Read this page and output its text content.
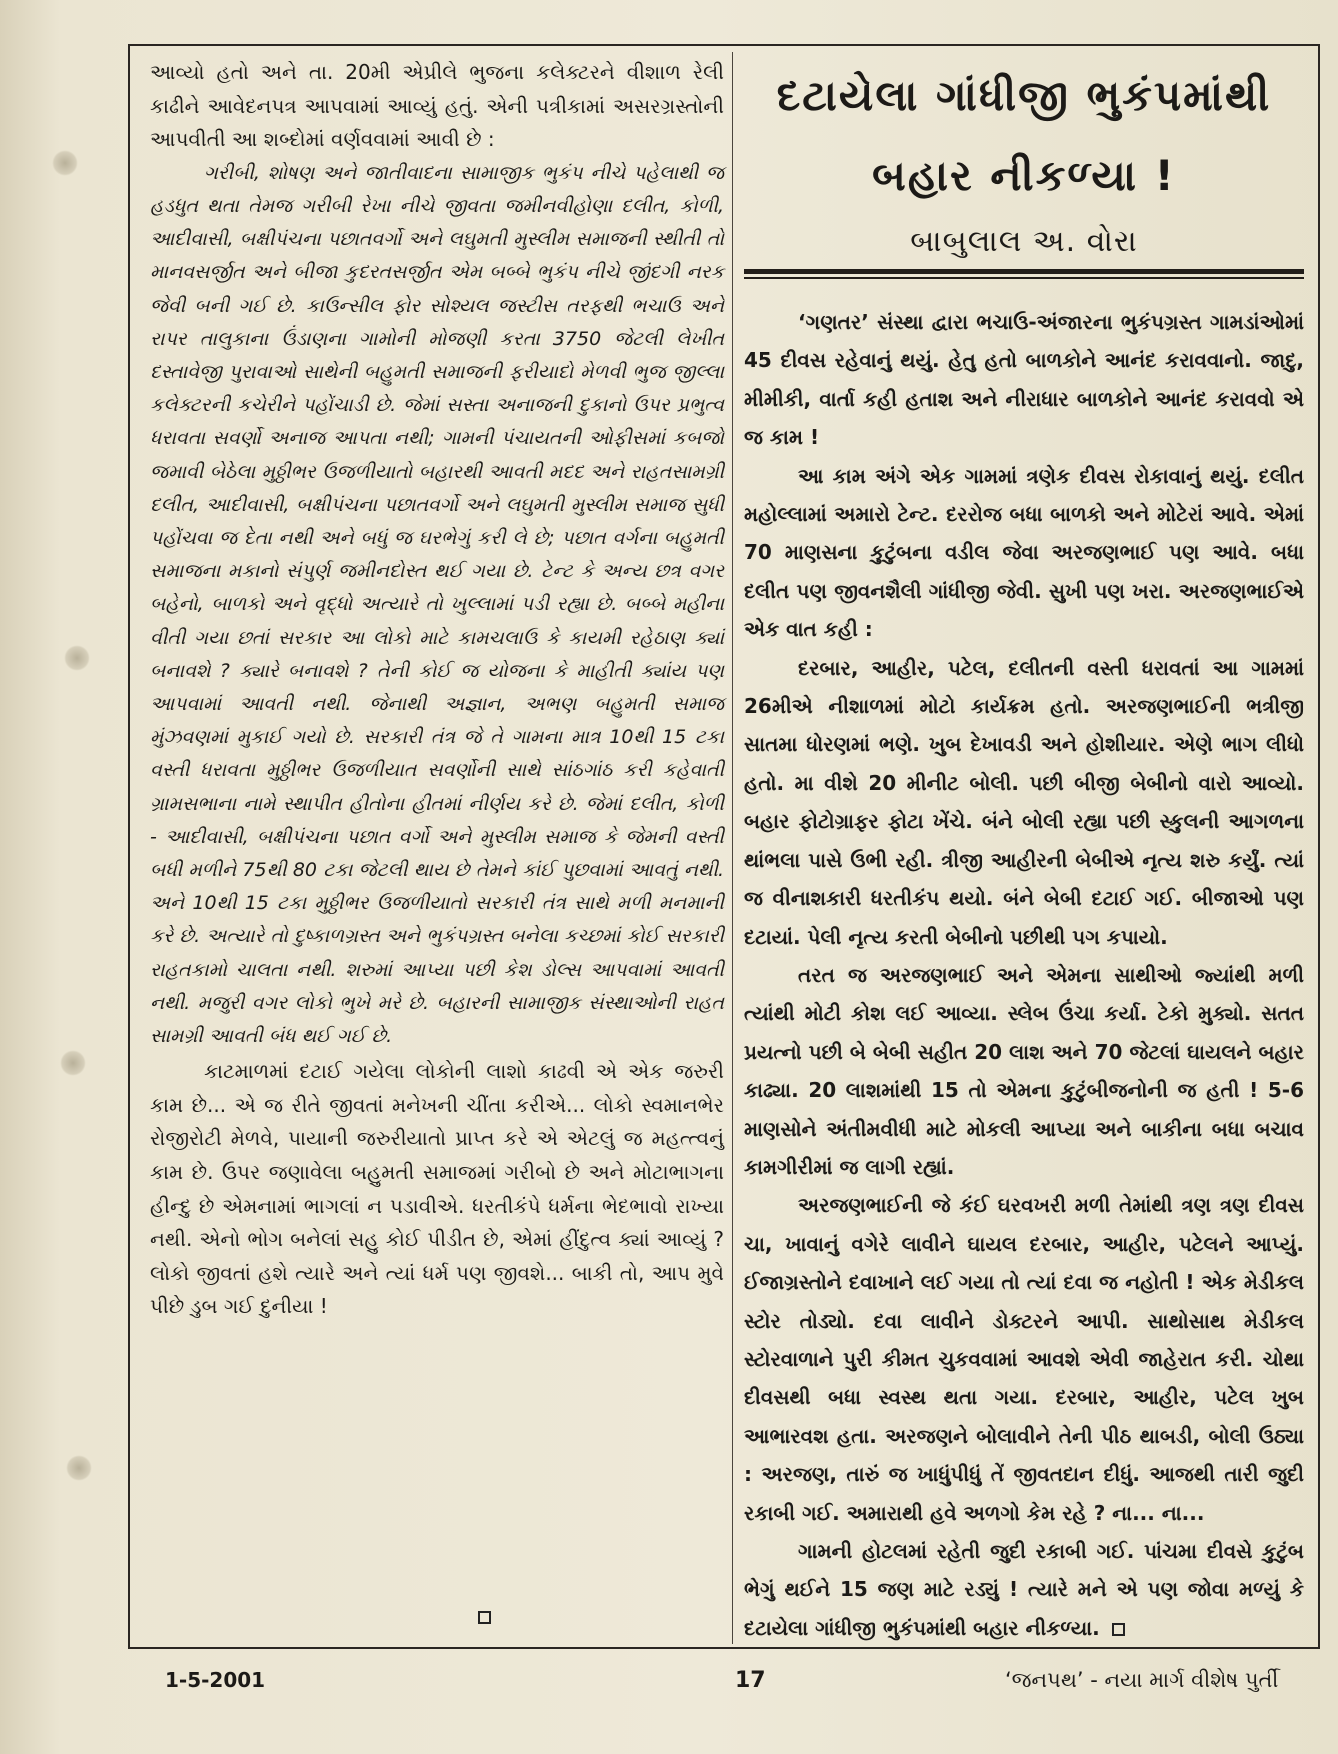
આવ્યો હતો અને તા. 20મી એપ્રીલે ભુજના કલેક્ટરને વીશાળ રેલી કાઢીને આવેદનપત્ર આપવામાં આવ્યું હતું. એની પત્રીકામાં અસરગ્રસ્તોની આપવીતી આ શબ્દોમાં વર્ણવવામાં આવી છે :

ગરીબી, શોષણ અને જાતીવાદના સામાજીક ભુકંપ નીચે પહેલાથી જ હડધુત થતા તેમજ ગરીબી રેખા નીચે જીવતા જમીનવીહોણા દલીત, કોળી, આદીવાસી, બક્ષીપંચના પછાતવર્ગો અને લઘુમતી મુસ્લીમ સમાજની સ્થીતી તો માનવસર્જીત અને બીજા કુદરતસર્જીત એમ બબ્બે ભુકંપ નીચે જીંદગી નરક જેવી બની ગઈ છે. કાઉન્સીલ ફોર સોશ્યલ જસ્ટીસ તરફથી ભચાઉ અને રાપર તાલુકાના ઉંડાણના ગામોની મોજણી કરતા 3750 જેટલી લેખીત દસ્તાવેજી પુરાવાઓ સાથેની બહુમતી સમાજની ફરીયાદો મેળવી ભુજ જીલ્લા કલેક્ટરની કચેરીને પહોંચાડી છે. જેમાં સસ્તા અનાજની દુકાનો ઉપર પ્રભુત્વ ધરાવતા સવર્ણો અનાજ આપતા નથી; ગામની પંચાયતની ઓફીસમાં કબજો જમાવી બેઠેલા મુઠ્ઠીભર ઉજળીયાતો બહારથી આવતી મદદ અને રાહતસામગ્રી દલીત, આદીવાસી, બક્ષીપંચના પછાતવર્ગો અને લઘુમતી મુસ્લીમ સમાજ સુધી પહોંચવા જ દેતા નથી અને બધું જ ઘરભેગું કરી લે છે; પછાત વર્ગના બહુમતી સમાજના મકાનો સંપુર્ણ જમીનદોસ્ત થઈ ગયા છે. ટેન્ટ કે અન્ય છત્ર વગર બહેનો, બાળકો અને વૃદ્ધો અત્યારે તો ખુલ્લામાં પડી રહ્યા છે. બબ્બે મહીના વીતી ગયા છતાં સરકાર આ લોકો માટે કામચલાઉ કે કાયમી રહેઠાણ ક્યાં બનાવશે ? ક્યારે બનાવશે ? તેની કોઈ જ યોજના કે માહીતી ક્યાંય પણ આપવામાં આવતી નથી. જેનાથી અજ્ઞાન, અભણ બહુમતી સમાજ મુંઝવણમાં મુકાઈ ગયો છે. સરકારી તંત્ર જે તે ગામના માત્ર 10થી 15 ટકા વસ્તી ધરાવતા મુઠ્ઠીભર ઉજળીયાત સવર્ણોની સાથે સાંઠગાંઠ કરી કહેવાતી ગ્રામસભાના નામે સ્થાપીત હીતોના હીતમાં નીર્ણય કરે છે. જેમાં દલીત, કોળી - આદીવાસી, બક્ષીપંચના પછાત વર્ગો અને મુસ્લીમ સમાજ કે જેમની વસ્તી બધી મળીને 75થી 80 ટકા જેટલી થાય છે તેમને કાંઈ પુછવામાં આવતું નથી. અને 10થી 15 ટકા મુઠ્ઠીભર ઉજળીયાતો સરકારી તંત્ર સાથે મળી મનમાની કરે છે. અત્યારે તો દુષ્કાળગ્રસ્ત અને ભુકંપગ્રસ્ત બનેલા કચ્છમાં કોઈ સરકારી રાહતકામો ચાલતા નથી. શરુમાં આપ્યા પછી કેશ ડોલ્સ આપવામાં આવતી નથી. મજુરી વગર લોકો ભુખે મરે છે. બહારની સામાજીક સંસ્થાઓની રાહત સામગ્રી આવતી બંધ થઈ ગઈ છે.

કાટમાળમાં દટાઈ ગયેલા લોકોની લાશો કાઢવી એ એક જરુરી કામ છે... એ જ રીતે જીવતાં મનેખની ચીંતા કરીએ... લોકો સ્વમાનભેર રોજીરોટી મેળવે, પાયાની જરુરીયાતો પ્રાપ્ત કરે એ એટલું જ મહત્ત્વનું કામ છે. ઉપર જણાવેલા બહુમતી સમાજમાં ગરીબો છે અને મોટાભાગના હીન્દુ છે એમનામાં ભાગલાં ન પડાવીએ. ધરતીકંપે ધર્મના ભેદભાવો રાખ્યા નથી. એનો ભોગ બનેલાં સહુ કોઈ પીડીત છે, એમાં હીંદુત્વ ક્યાં આવ્યું ? લોકો જીવતાં હશે ત્યારે અને ત્યાં ધર્મ પણ જીવશે... બાકી તો, આપ મુવે પીછે ડુબ ગઈ દુનીયા !

દટાયેલા ગાંધીજી ભુકંપમાંથી
બહાર નીકળ્યા !
બાબુલાલ અ. વોરા

‘ગણતર’ સંસ્થા દ્વારા ભચાઉ-અંજારના ભુકંપગ્રસ્ત ગામડાંઓમાં 45 દીવસ રહેવાનું થયું. હેતુ હતો બાળકોને આનંદ કરાવવાનો. જાદુ, મીમીકી, વાર્તા કહી હતાશ અને નીરાધાર બાળકોને આનંદ કરાવવો એ જ કામ !

આ કામ અંગે એક ગામમાં ત્રણેક દીવસ રોકાવાનું થયું. દલીત મહોલ્લામાં અમારો ટેન્ટ. દરરોજ બધા બાળકો અને મોટેરાં આવે. એમાં 70 માણસના કુટુંબના વડીલ જેવા અરજણભાઈ પણ આવે. બધા દલીત પણ જીવનશૈલી ગાંધીજી જેવી. સુખી પણ ખરા. અરજણભાઈએ એક વાત કહી :

દરબાર, આહીર, પટેલ, દલીતની વસ્તી ધરાવતાં આ ગામમાં 26મીએ નીશાળમાં મોટો કાર્યક્રમ હતો. અરજણભાઈની ભત્રીજી સાતમા ધોરણમાં ભણે. ખુબ દેખાવડી અને હોશીયાર. એણે ભાગ લીધો હતો. મા વીશે 20 મીનીટ બોલી. પછી બીજી બેબીનો વારો આવ્યો. બહાર ફોટોગ્રાફર ફોટા ખેંચે. બંને બોલી રહ્યા પછી સ્કુલની આગળના થાંભલા પાસે ઉભી રહી. ત્રીજી આહીરની બેબીએ નૃત્ય શરુ કર્યું. ત્યાં જ વીનાશકારી ધરતીકંપ થયો. બંને બેબી દટાઈ ગઈ. બીજાઓ પણ દટાયાં. પેલી નૃત્ય કરતી બેબીનો પછીથી પગ કપાયો.

તરત જ અરજણભાઈ અને એમના સાથીઓ જ્યાંથી મળી ત્યાંથી મોટી કોશ લઈ આવ્યા. સ્લેબ ઉંચા કર્યા. ટેકો મુક્યો. સતત પ્રયત્નો પછી બે બેબી સહીત 20 લાશ અને 70 જેટલાં ઘાયલને બહાર કાઢ્યા. 20 લાશમાંથી 15 તો એમના કુટુંબીજનોની જ હતી ! 5-6 માણસોને અંતીમવીધી માટે મોકલી આપ્યા અને બાકીના બધા બચાવ કામગીરીમાં જ લાગી રહ્યાં.

અરજણભાઈની જે કંઈ ઘરવખરી મળી તેમાંથી ત્રણ ત્રણ દીવસ ચા, ખાવાનું વગેરે લાવીને ઘાયલ દરબાર, આહીર, પટેલને આપ્યું. ઈજાગ્રસ્તોને દવાખાને લઈ ગયા તો ત્યાં દવા જ નહોતી ! એક મેડીકલ સ્ટોર તોડ્યો. દવા લાવીને ડોક્ટરને આપી. સાથોસાથ મેડીકલ સ્ટોરવાળાને પુરી કીમત ચુકવવામાં આવશે એવી જાહેરાત કરી. ચોથા દીવસથી બધા સ્વસ્થ થતા ગયા. દરબાર, આહીર, પટેલ ખુબ આભારવશ હતા. અરજણને બોલાવીને તેની પીઠ થાબડી, બોલી ઉઠ્યા : અરજણ, તારું જ ખાધુંપીધું તેં જીવતદાન દીધું. આજથી તારી જુદી રકાબી ગઈ. અમારાથી હવે અળગો કેમ રહે ? ના... ના...

ગામની હોટલમાં રહેતી જુદી રકાબી ગઈ. પાંચમા દીવસે કુટુંબ ભેગું થઈને 15 જણ માટે રડ્યું ! ત્યારે મને એ પણ જોવા મળ્યું કે દટાયેલા ગાંધીજી ભુકંપમાંથી બહાર નીકળ્યા.

1-5-2001	17	‘જનપથ’ - નયા માર્ગ વીશેષ પુર્તી
